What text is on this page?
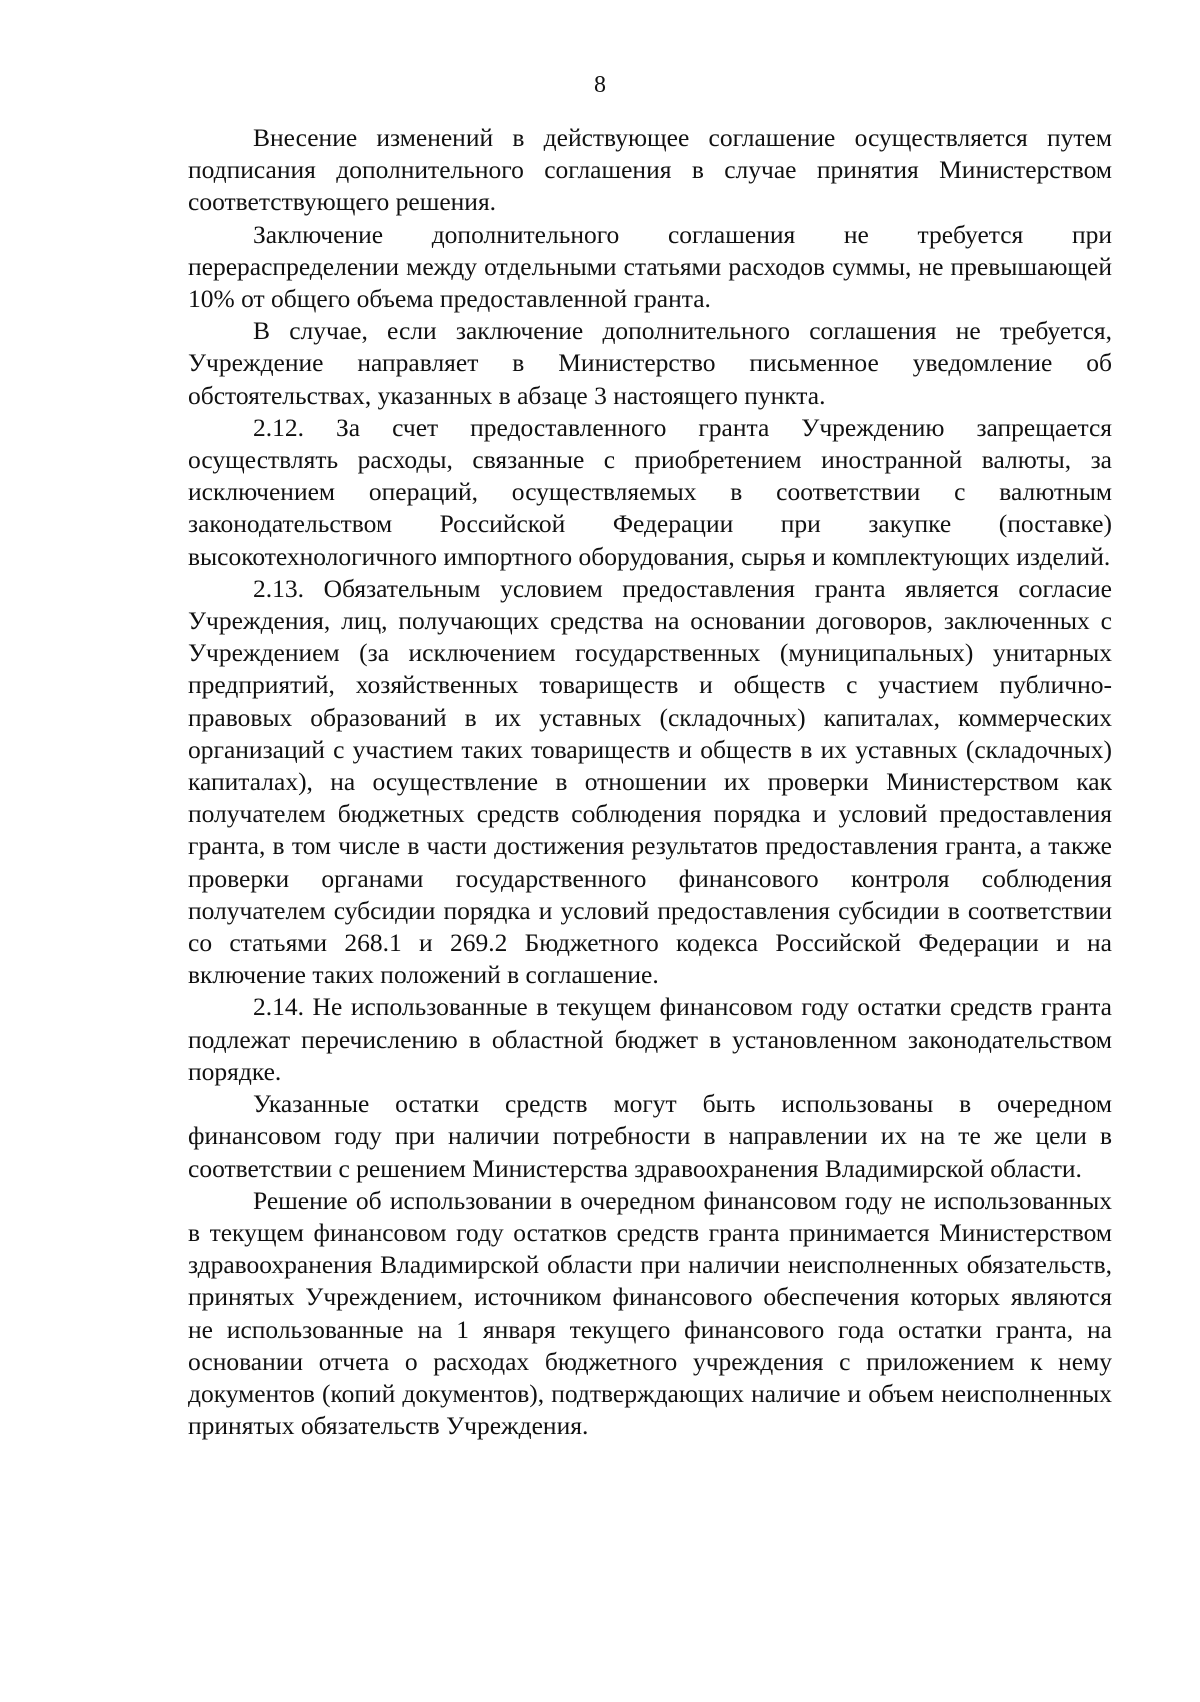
8

Внесение изменений в действующее соглашение осуществляется путем подписания дополнительного соглашения в случае принятия Министерством соответствующего решения.

Заключение дополнительного соглашения не требуется при перераспределении между отдельными статьями расходов суммы, не превышающей 10% от общего объема предоставленной гранта.

В случае, если заключение дополнительного соглашения не требуется, Учреждение направляет в Министерство письменное уведомление об обстоятельствах, указанных в абзаце 3 настоящего пункта.

2.12. За счет предоставленного гранта Учреждению запрещается осуществлять расходы, связанные с приобретением иностранной валюты, за исключением операций, осуществляемых в соответствии с валютным законодательством Российской Федерации при закупке (поставке) высокотехнологичного импортного оборудования, сырья и комплектующих изделий.

2.13. Обязательным условием предоставления гранта является согласие Учреждения, лиц, получающих средства на основании договоров, заключенных с Учреждением (за исключением государственных (муниципальных) унитарных предприятий, хозяйственных товариществ и обществ с участием публично-правовых образований в их уставных (складочных) капиталах, коммерческих организаций с участием таких товариществ и обществ в их уставных (складочных) капиталах), на осуществление в отношении их проверки Министерством как получателем бюджетных средств соблюдения порядка и условий предоставления гранта, в том числе в части достижения результатов предоставления гранта, а также проверки органами государственного финансового контроля соблюдения получателем субсидии порядка и условий предоставления субсидии в соответствии со статьями 268.1 и 269.2 Бюджетного кодекса Российской Федерации и на включение таких положений в соглашение.

2.14. Не использованные в текущем финансовом году остатки средств гранта подлежат перечислению в областной бюджет в установленном законодательством порядке.

Указанные остатки средств могут быть использованы в очередном финансовом году при наличии потребности в направлении их на те же цели в соответствии с решением Министерства здравоохранения Владимирской области.

Решение об использовании в очередном финансовом году не использованных в текущем финансовом году остатков средств гранта принимается Министерством здравоохранения Владимирской области при наличии неисполненных обязательств, принятых Учреждением, источником финансового обеспечения которых являются не использованные на 1 января текущего финансового года остатки гранта, на основании отчета о расходах бюджетного учреждения с приложением к нему документов (копий документов), подтверждающих наличие и объем неисполненных принятых обязательств Учреждения.
